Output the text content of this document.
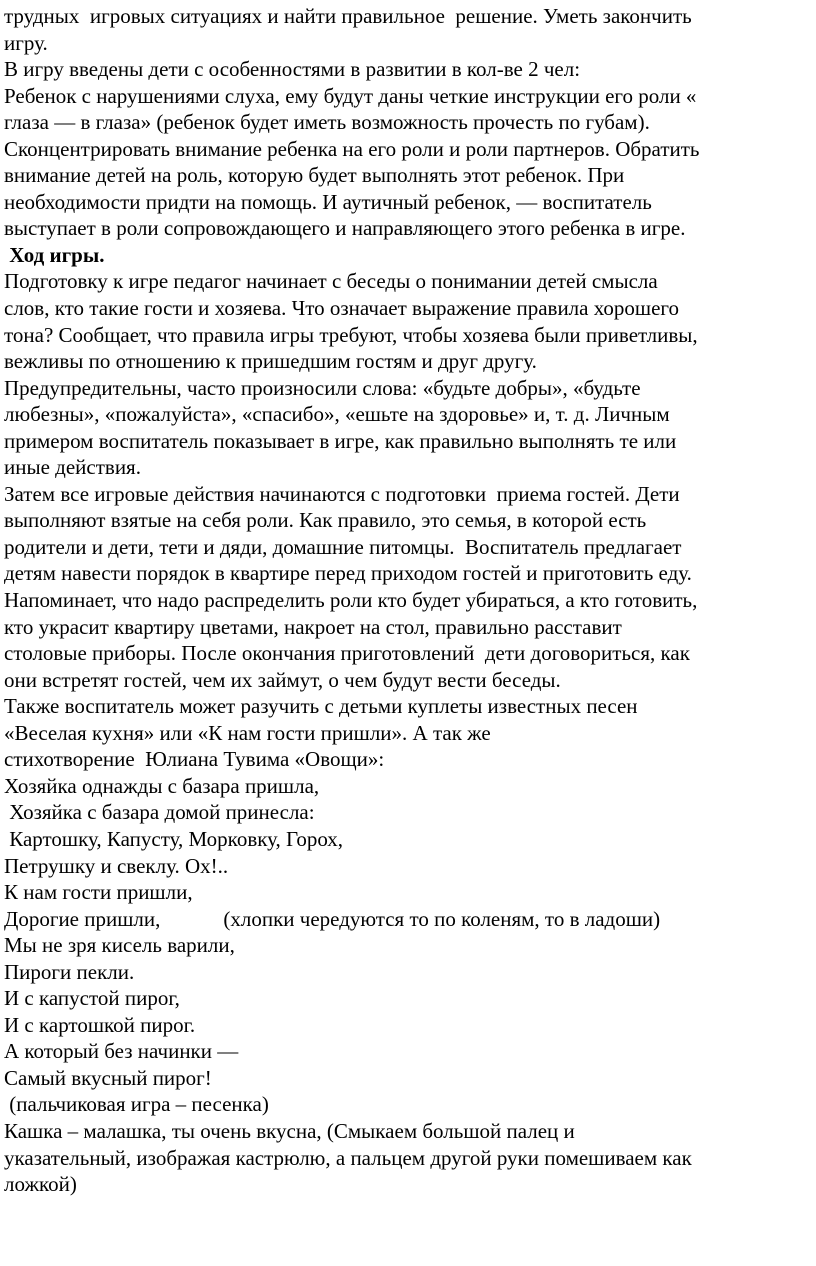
трудных  игровых ситуациях и найти правильное  решение. Уметь закончить
игру.
В игру введены дети с особенностями в развитии в кол-ве 2 чел:
Ребенок с нарушениями слуха, ему будут даны четкие инструкции его роли «
глаза — в глаза» (ребенок будет иметь возможность прочесть по губам).
Сконцентрировать внимание ребенка на его роли и роли партнеров. Обратить
внимание детей на роль, которую будет выполнять этот ребенок. При
необходимости придти на помощь. И аутичный ребенок, — воспитатель
выступает в роли сопровождающего и направляющего этого ребенка в игре.
Ход игры.
Подготовку к игре педагог начинает с беседы о понимании детей смысла
слов, кто такие гости и хозяева. Что означает выражение правила хорошего
тона? Сообщает, что правила игры требуют, чтобы хозяева были приветливы,
вежливы по отношению к пришедшим гостям и друг другу.
Предупредительны, часто произносили слова: «будьте добры», «будьте
любезны», «пожалуйста», «спасибо», «ешьте на здоровье» и, т. д. Личным
примером воспитатель показывает в игре, как правильно выполнять те или
иные действия.
Затем все игровые действия начинаются с подготовки  приема гостей. Дети
выполняют взятые на себя роли. Как правило, это семья, в которой есть
родители и дети, тети и дяди, домашние питомцы.  Воспитатель предлагает
детям навести порядок в квартире перед приходом гостей и приготовить еду.
Напоминает, что надо распределить роли кто будет убираться, а кто готовить,
кто украсит квартиру цветами, накроет на стол, правильно расставит
столовые приборы. После окончания приготовлений  дети договориться, как
они встретят гостей, чем их займут, о чем будут вести беседы.
Также воспитатель может разучить с детьми куплеты известных песен
«Веселая кухня» или «К нам гости пришли». А так же
стихотворение  Юлиана Тувима «Овощи»:
Хозяйка однажды с базара пришла,
Хозяйка с базара домой принесла:
Картошку, Капусту, Морковку, Горох,
Петрушку и свеклу. Ох!..
К нам гости пришли,
Дорогие пришли,            (хлопки чередуются то по коленям, то в ладоши)
Мы не зря кисель варили,
Пироги пекли.
И с капустой пирог,
И с картошкой пирог.
А который без начинки —
Самый вкусный пирог!
(пальчиковая игра – песенка)
Кашка – малашка, ты очень вкусна, (Смыкаем большой палец и
указательный, изображая кастрюлю, а пальцем другой руки помешиваем как
ложкой)
